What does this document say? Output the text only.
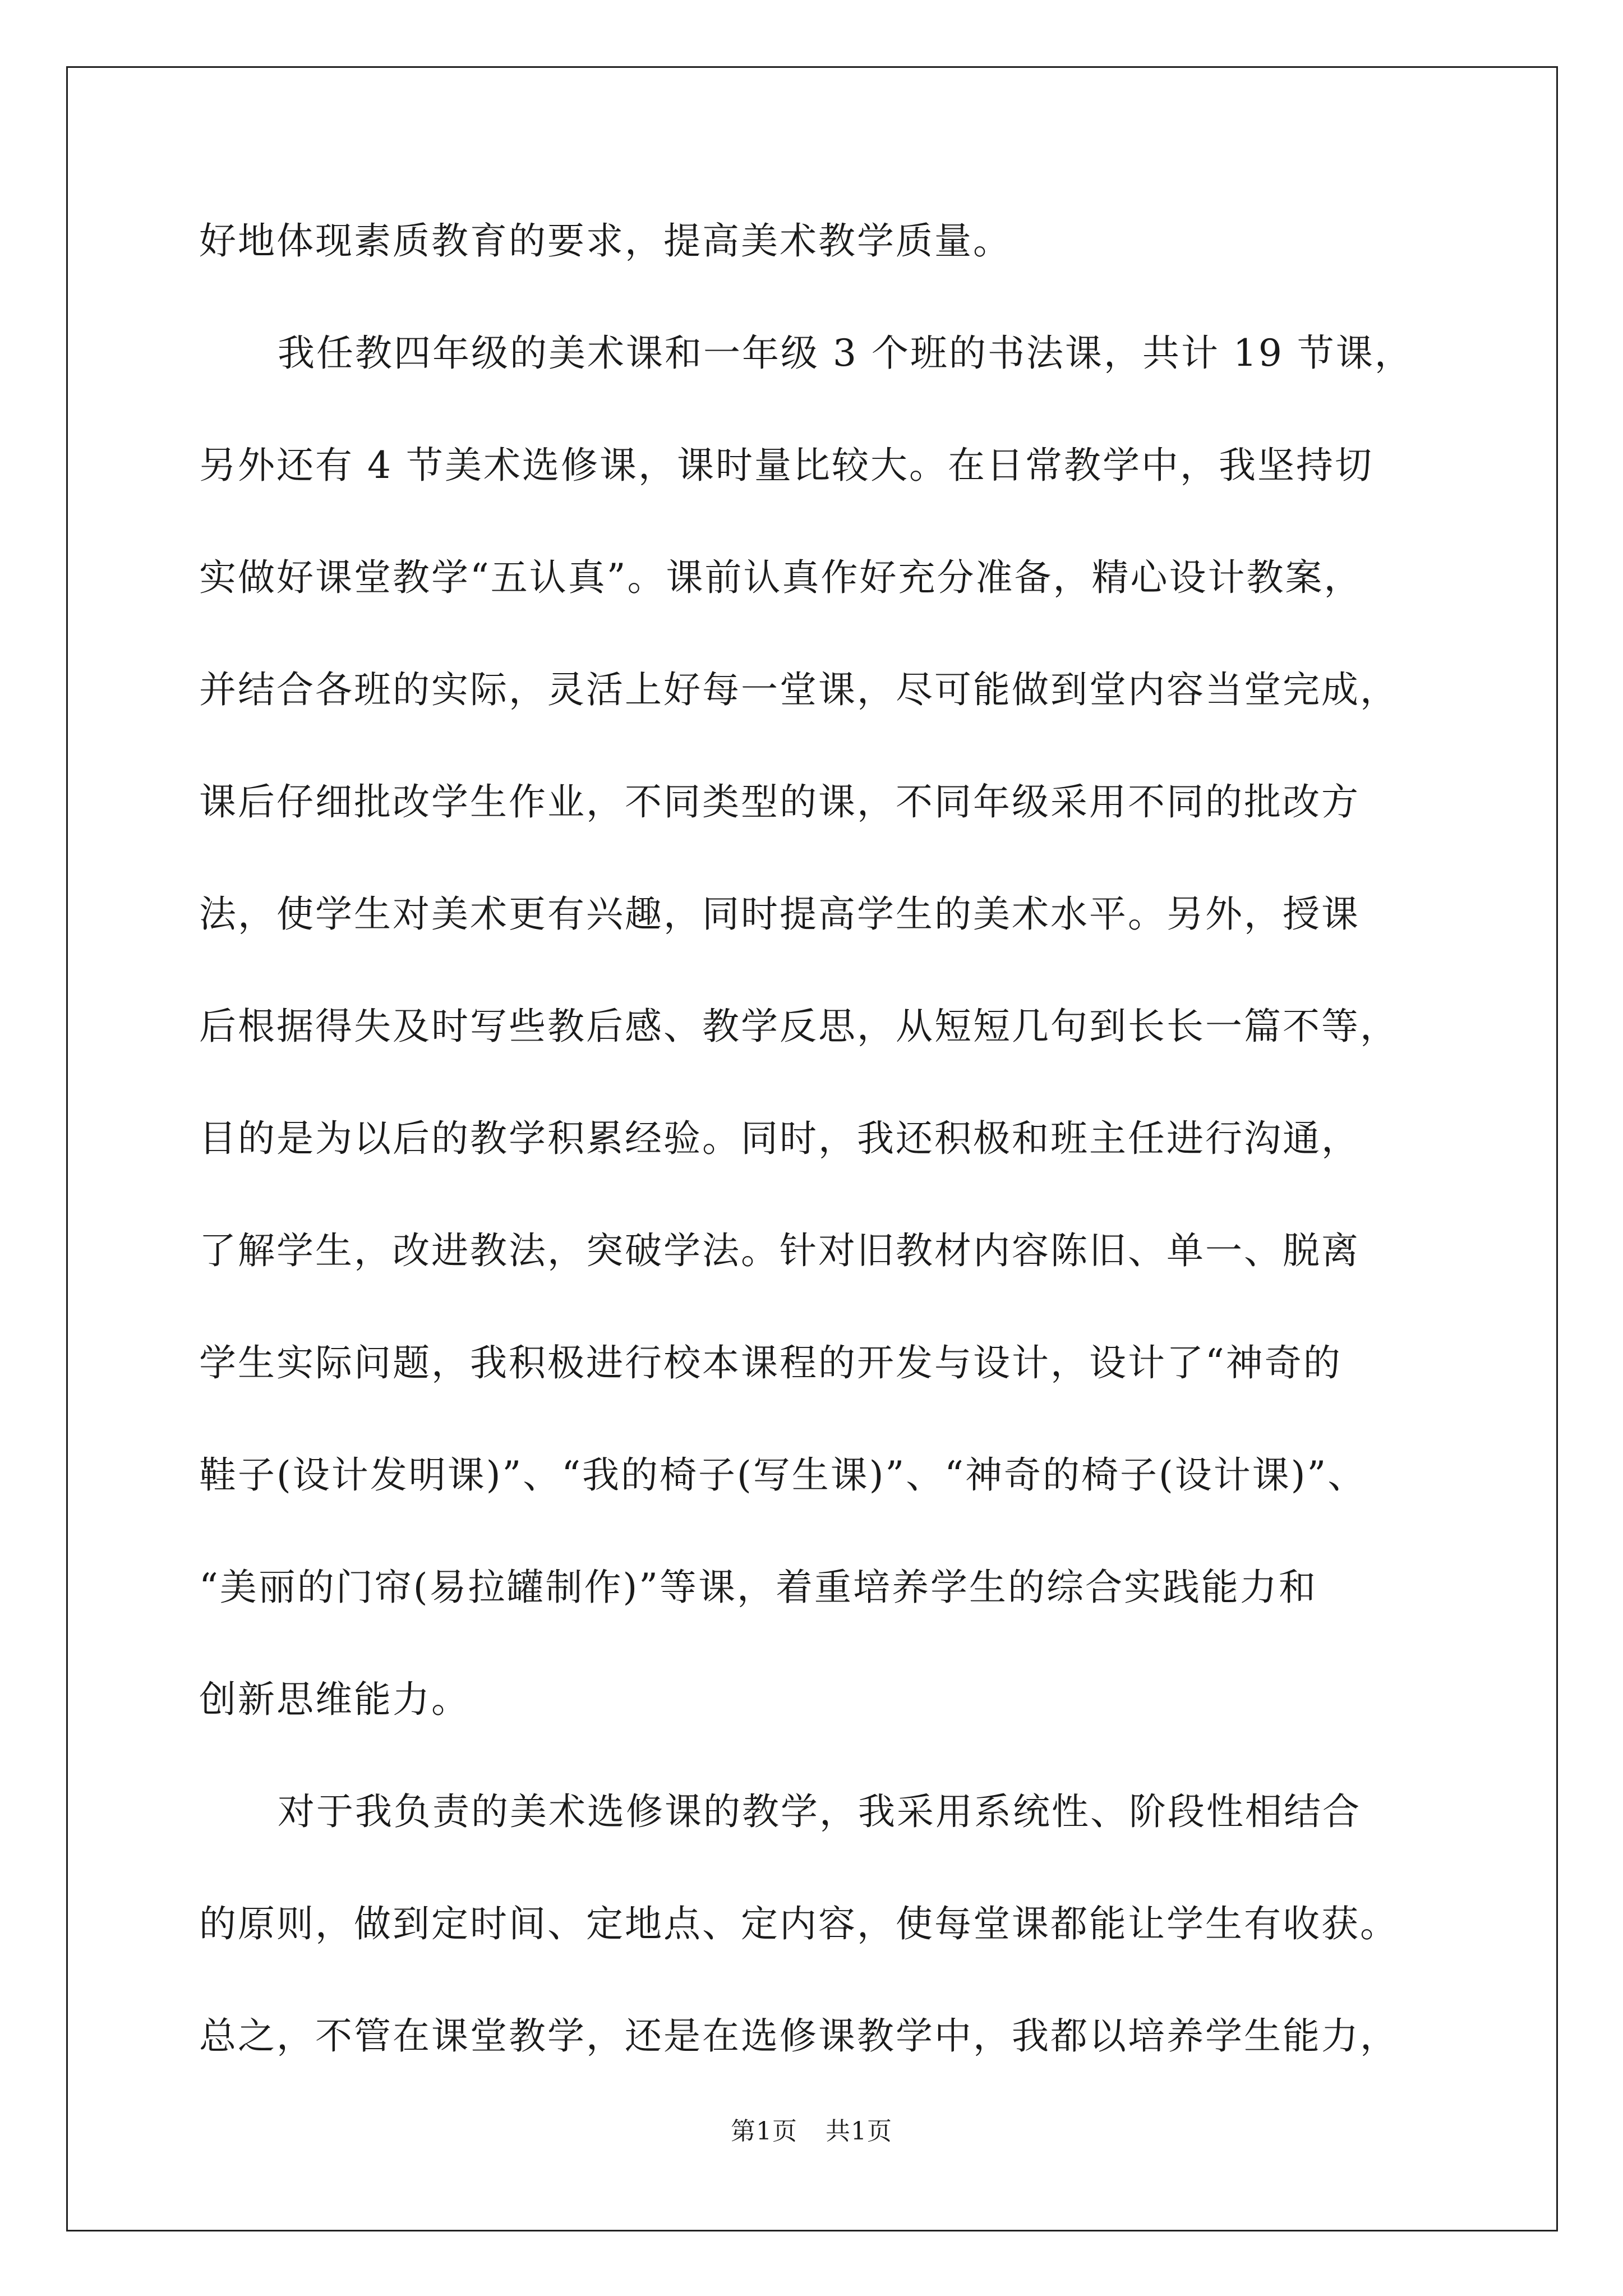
好地体现素质教育的要求，提高美术教学质量。
我任教四年级的美术课和一年级 3 个班的书法课，共计 19 节课，
另外还有 4 节美术选修课，课时量比较大。在日常教学中，我坚持切
实做好课堂教学“五认真”。课前认真作好充分准备，精心设计教案，
并结合各班的实际，灵活上好每一堂课，尽可能做到堂内容当堂完成，
课后仔细批改学生作业，不同类型的课，不同年级采用不同的批改方
法，使学生对美术更有兴趣，同时提高学生的美术水平。另外，授课
后根据得失及时写些教后感、教学反思，从短短几句到长长一篇不等，
目的是为以后的教学积累经验。同时，我还积极和班主任进行沟通，
了解学生，改进教法，突破学法。针对旧教材内容陈旧、单一、脱离
学生实际问题，我积极进行校本课程的开发与设计，设计了“神奇的
鞋子(设计发明课)”、“我的椅子(写生课)”、“神奇的椅子(设计课)”、
“美丽的门帘(易拉罐制作)”等课，着重培养学生的综合实践能力和
创新思维能力。
对于我负责的美术选修课的教学，我采用系统性、阶段性相结合
的原则，做到定时间、定地点、定内容，使每堂课都能让学生有收获。
总之，不管在课堂教学，还是在选修课教学中，我都以培养学生能力，
第1页 共1页
